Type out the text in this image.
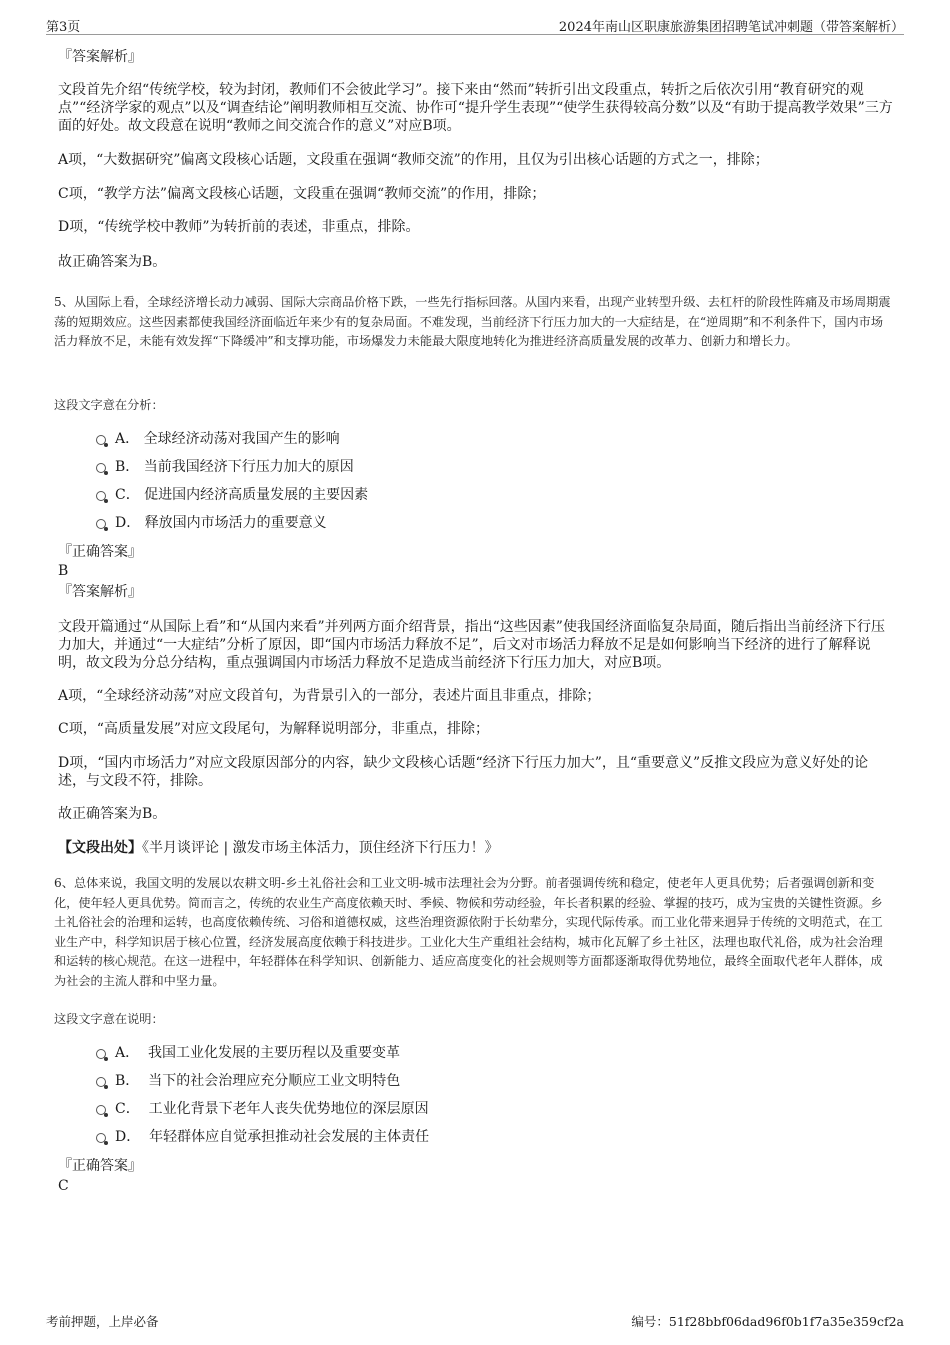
第3页	2024年南山区职康旅游集团招聘笔试冲刺题（带答案解析）
『答案解析』
文段首先介绍“传统学校，较为封闭，教师们不会彼此学习”。接下来由“然而”转折引出文段重点，转折之后依次引用“教育研究的观点”“经济学家的观点”以及“调查结论”阐明教师相互交流、协作可“提升学生表现”“使学生获得较高分数”以及“有助于提高教学效果”三方面的好处。故文段意在说明“教师之间交流合作的意义”对应B项。
A项，“大数据研究”偏离文段核心话题，文段重在强调“教师交流”的作用，且仅为引出核心话题的方式之一，排除；
C项，“教学方法”偏离文段核心话题，文段重在强调“教师交流”的作用，排除；
D项，“传统学校中教师”为转折前的表述，非重点，排除。
故正确答案为B。
5、从国际上看，全球经济增长动力减弱、国际大宗商品价格下跌，一些先行指标回落。从国内来看，出现产业转型升级、去杠杆的阶段性阵痛及市场周期震荡的短期效应。这些因素都使我国经济面临近年来少有的复杂局面。不难发现，当前经济下行压力加大的一大症结是，在“逆周期”和不利条件下，国内市场活力释放不足，未能有效发挥“下降缓冲”和支撑功能，市场爆发力未能最大限度地转化为推进经济高质量发展的改革力、创新力和增长力。
这段文字意在分析：
A． 全球经济动荡对我国产生的影响
B． 当前我国经济下行压力加大的原因
C． 促进国内经济高质量发展的主要因素
D． 释放国内市场活力的重要意义
『正确答案』
B
『答案解析』
文段开篇通过“从国际上看”和“从国内来看”并列两方面介绍背景，指出“这些因素”使我国经济面临复杂局面，随后指出当前经济下行压力加大，并通过“一大症结”分析了原因，即“国内市场活力释放不足”，后文对市场活力释放不足是如何影响当下经济的进行了解释说明，故文段为分总分结构，重点强调国内市场活力释放不足造成当前经济下行压力加大，对应B项。
A项，“全球经济动荡”对应文段首句，为背景引入的一部分，表述片面且非重点，排除；
C项，“高质量发展”对应文段尾句，为解释说明部分，非重点，排除；
D项，“国内市场活力”对应文段原因部分的内容，缺少文段核心话题“经济下行压力加大”，且“重要意义”反推文段应为意义好处的论述，与文段不符，排除。
故正确答案为B。
【文段出处】《半月谈评论 | 激发市场主体活力，顶住经济下行压力！》
6、总体来说，我国文明的发展以农耕文明-乡土礼俗社会和工业文明-城市法理社会为分野。前者强调传统和稳定，使老年人更具优势；后者强调创新和变化，使年轻人更具优势。简而言之，传统的农业生产高度依赖天时、季候、物候和劳动经验，年长者积累的经验、掌握的技巧，成为宝贵的关键性资源。乡土礼俗社会的治理和运转，也高度依赖传统、习俗和道德权威，这些治理资源依附于长幼辈分，实现代际传承。而工业化带来迥异于传统的文明范式，在工业生产中，科学知识居于核心位置，经济发展高度依赖于科技进步。工业化大生产重组社会结构，城市化瓦解了乡土社区，法理也取代礼俗，成为社会治理和运转的核心规范。在这一进程中，年轻群体在科学知识、创新能力、适应高度变化的社会规则等方面都逐渐取得优势地位，最终全面取代老年人群体，成为社会的主流人群和中坚力量。
这段文字意在说明：
A． 我国工业化发展的主要历程以及重要变革
B． 当下的社会治理应充分顺应工业文明特色
C． 工业化背景下老年人丧失优势地位的深层原因
D． 年轻群体应自觉承担推动社会发展的主体责任
『正确答案』
C
考前押题，上岸必备	编号：51f28bbf06dad96f0b1f7a35e359cf2a
